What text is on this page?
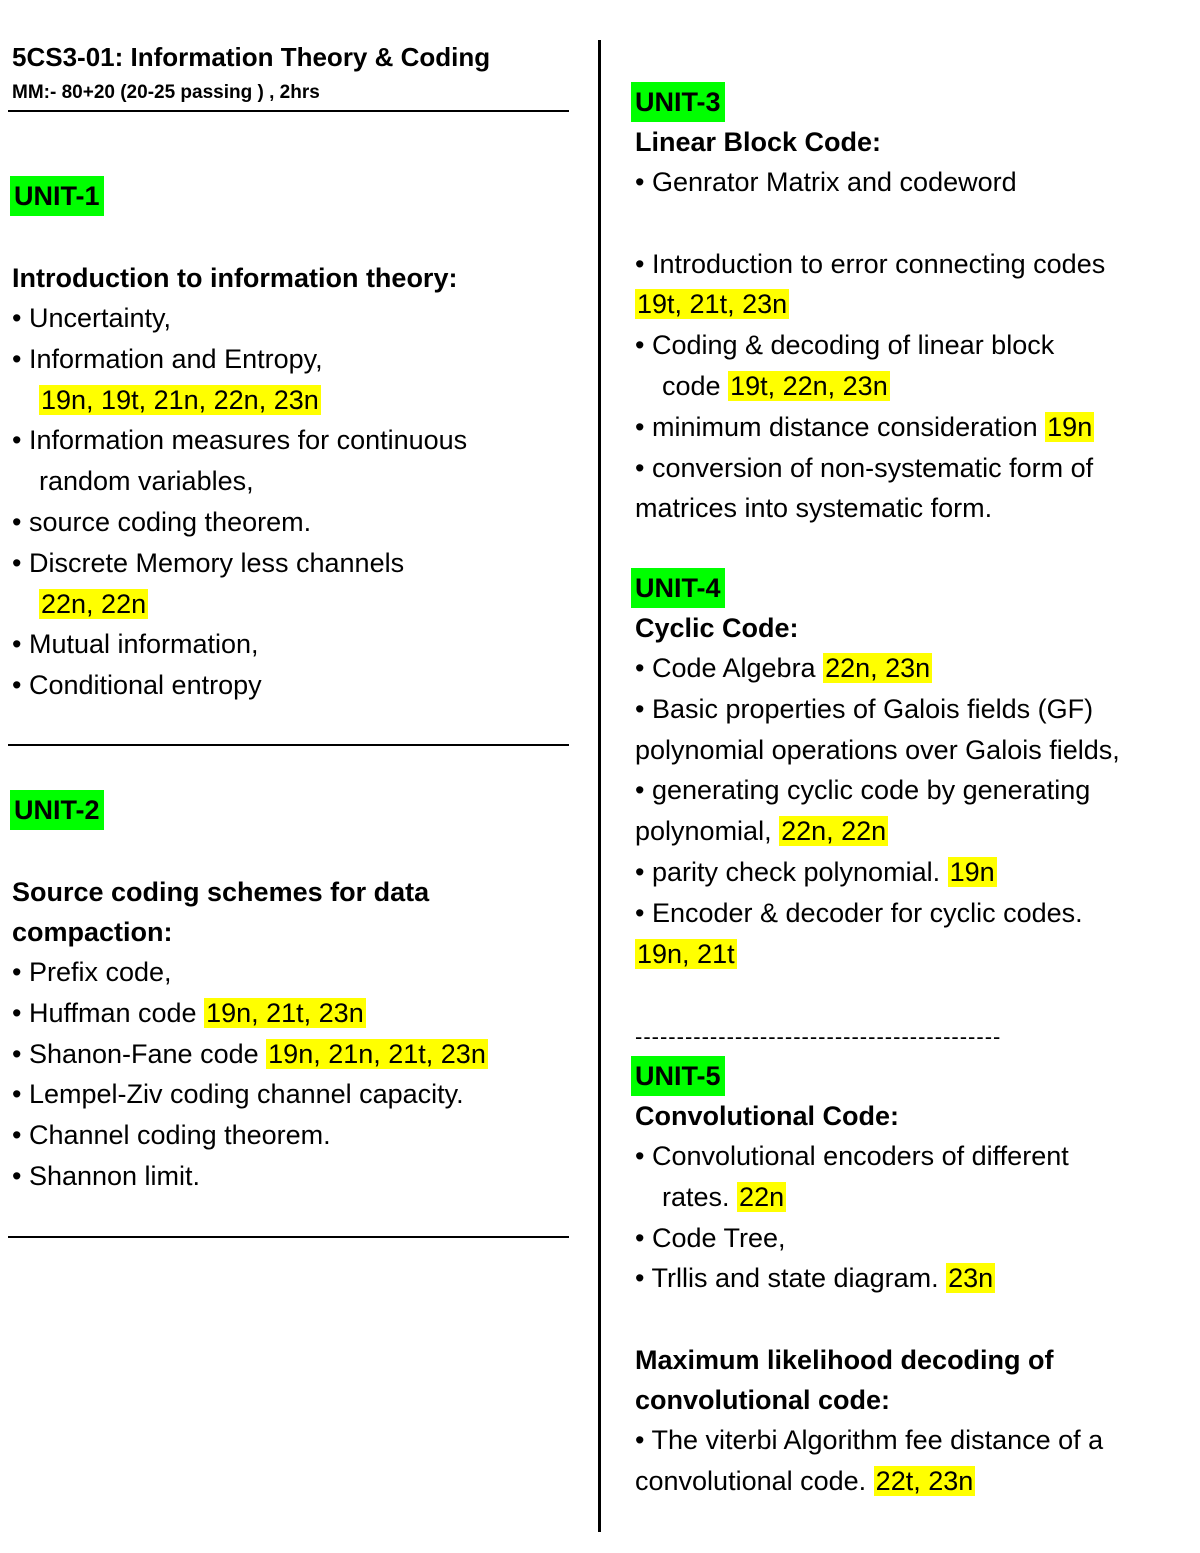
5CS3-01: Information Theory & Coding
MM:- 80+20 (20-25 passing ) , 2hrs
UNIT-1
Introduction to information theory:
• Uncertainty,
• Information and Entropy,
19n, 19t, 21n, 22n, 23n
• Information measures for continuous
random variables,
• source coding theorem.
• Discrete Memory less channels
22n, 22n
• Mutual information,
• Conditional entropy
UNIT-2
Source coding schemes for data
compaction:
• Prefix code,
• Huffman code 19n, 21t, 23n
• Shanon-Fane code 19n, 21n, 21t, 23n
• Lempel-Ziv coding channel capacity.
• Channel coding theorem.
• Shannon limit.
UNIT-3
Linear Block Code:
• Genrator Matrix and codeword
• Introduction to error connecting codes
19t, 21t, 23n
• Coding & decoding of linear block
code 19t, 22n, 23n
• minimum distance consideration 19n
• conversion of non-systematic form of
matrices into systematic form.
UNIT-4
Cyclic Code:
• Code Algebra 22n, 23n
• Basic properties of Galois fields (GF)
polynomial operations over Galois fields,
• generating cyclic code by generating
polynomial, 22n, 22n
• parity check polynomial. 19n
• Encoder & decoder for cyclic codes.
19n, 21t
--------------------------------------------
UNIT-5
Convolutional Code:
• Convolutional encoders of different
rates. 22n
• Code Tree,
• Trllis and state diagram. 23n
Maximum likelihood decoding of
convolutional code:
• The viterbi Algorithm fee distance of a
convolutional code. 22t, 23n
